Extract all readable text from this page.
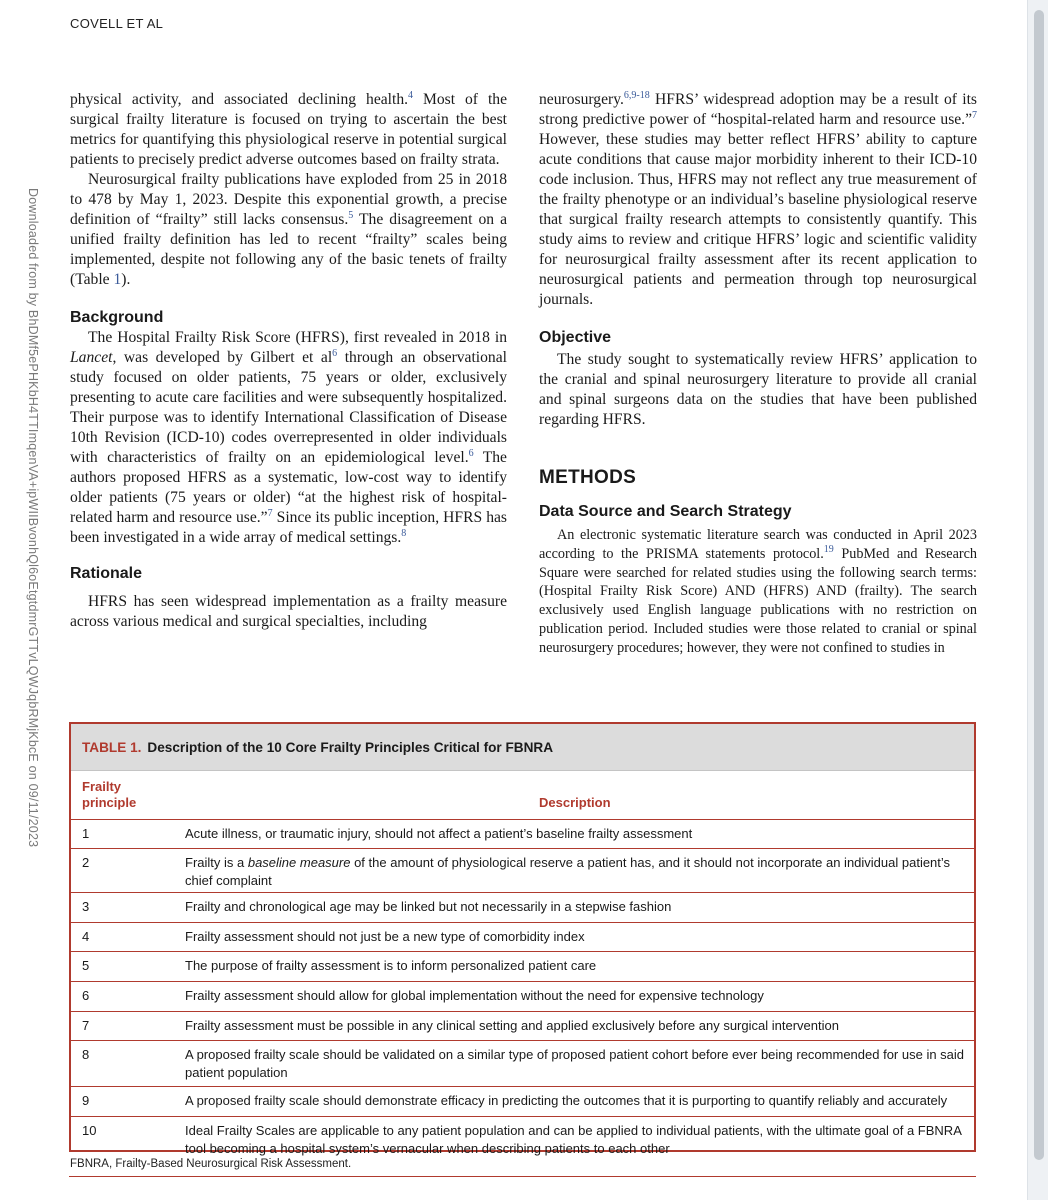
COVELL ET AL
Downloaded from by BhDMf5ePHKbH4TTImqenVA+ipWIIBvonhQl6oEtgtdmrGTTvLQWJqbRMjKbcE on 09/11/2023

physical activity, and associated declining health.$^4$ Most of the surgical frailty literature is focused on trying to ascertain the best metrics for quantifying this physiological reserve in potential surgical patients to precisely predict adverse outcomes based on frailty strata.

Neurosurgical frailty publications have exploded from 25 in 2018 to 478 by May 1, 2023. Despite this exponential growth, a precise definition of “frailty” still lacks consensus.$^5$ The disagreement on a unified frailty definition has led to recent “frailty” scales being implemented, despite not following any of the basic tenets of frailty (Table 1).

Background

The Hospital Frailty Risk Score (HFRS), first revealed in 2018 in Lancet, was developed by Gilbert et $al^6$ through an observational study focused on older patients, 75 years or older, exclusively presenting to acute care facilities and were subsequently hospitalized. Their purpose was to identify International Classification of Disease 10th Revision (ICD-10) codes overrepresented in older individuals with characteristics of frailty on an epidemiological level.$^6$ The authors proposed HFRS as a systematic, low-cost way to identify older patients (75 years or older) “at the highest risk of hospital-related harm and resource use.”$^7$ Since its public inception, HFRS has been investigated in a wide array of medical settings.$^8$

Rationale

HFRS has seen widespread implementation as a frailty measure across various medical and surgical specialties, including

neurosurgery.$^{6,9-18}$ HFRS’ widespread adoption may be a result of its strong predictive power of “hospital-related harm and resource use.”$^7$ However, these studies may better reflect HFRS’ ability to capture acute conditions that cause major morbidity inherent to their ICD-10 code inclusion. Thus, HFRS may not reflect any true measurement of the frailty phenotype or an individual’s baseline physiological reserve that surgical frailty research attempts to consistently quantify. This study aims to review and critique HFRS’ logic and scientific validity for neurosurgical frailty assessment after its recent application to neurosurgical patients and permeation through top neurosurgical journals.

Objective

The study sought to systematically review HFRS’ application to the cranial and spinal neurosurgery literature to provide all cranial and spinal surgeons data on the studies that have been published regarding HFRS.

METHODS
Data Source and Search Strategy

An electronic systematic literature search was conducted in April 2023 according to the PRISMA statements protocol.$^{19}$ PubMed and Research Square were searched for related studies using the following search terms: (Hospital Frailty Risk Score) AND (HFRS) AND (frailty). The search exclusively used English language publications with no restriction on publication period. Included studies were those related to cranial or spinal neurosurgery procedures; however, they were not confined to studies in

TABLE 1. Description of the 10 Core Frailty Principles Critical for FBNRA
Frailty
principle	Description
1	Acute illness, or traumatic injury, should not affect a patient’s baseline frailty assessment
2	Frailty is a baseline measure of the amount of physiological reserve a patient has, and it should not incorporate an individual patient’s chief complaint
3	Frailty and chronological age may be linked but not necessarily in a stepwise fashion
4	Frailty assessment should not just be a new type of comorbidity index
5	The purpose of frailty assessment is to inform personalized patient care
6	Frailty assessment should allow for global implementation without the need for expensive technology
7	Frailty assessment must be possible in any clinical setting and applied exclusively before any surgical intervention
8	A proposed frailty scale should be validated on a similar type of proposed patient cohort before ever being recommended for use in said patient population
9	A proposed frailty scale should demonstrate efficacy in predicting the outcomes that it is purporting to quantify reliably and accurately
10	Ideal Frailty Scales are applicable to any patient population and can be applied to individual patients, with the ultimate goal of a FBNRA tool becoming a hospital system’s vernacular when describing patients to each other
FBNRA, Frailty-Based Neurosurgical Risk Assessment.
